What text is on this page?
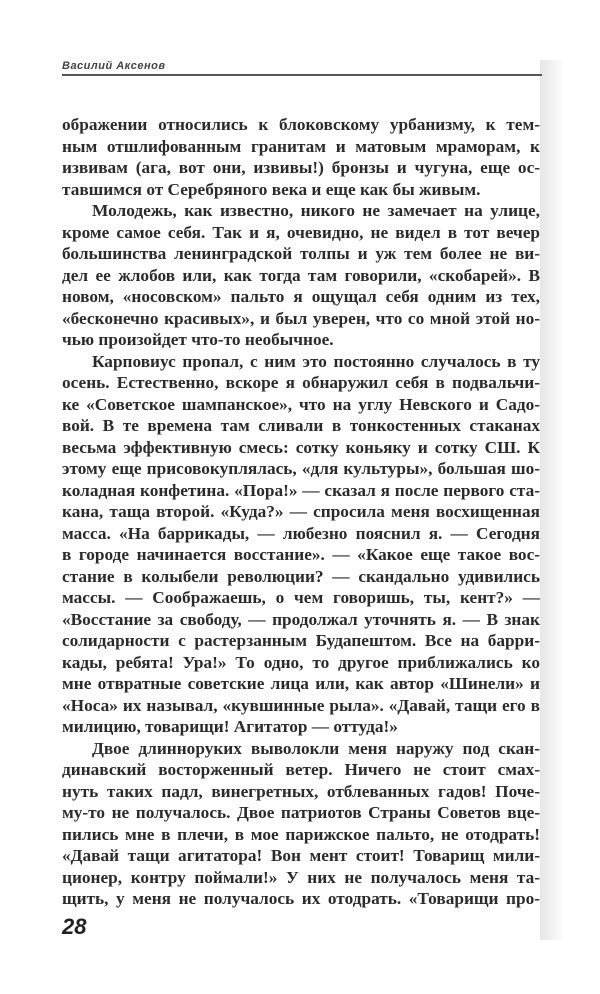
Василий Аксенов
ображении относились к блоковскому урбанизму, к тем-
ным отшлифованным гранитам и матовым мраморам, к
извивам (ага, вот они, извивы!) бронзы и чугуна, еще ос-
тавшимся от Серебряного века и еще как бы живым.
Молодежь, как известно, никого не замечает на улице,
кроме самое себя. Так и я, очевидно, не видел в тот вечер
большинства ленинградской толпы и уж тем более не ви-
дел ее жлобов или, как тогда там говорили, «скобарей». В
новом, «носовском» пальто я ощущал себя одним из тех,
«бесконечно красивых», и был уверен, что со мной этой но-
чью произойдет что-то необычное.
Карповиус пропал, с ним это постоянно случалось в ту
осень. Естественно, вскоре я обнаружил себя в подвальчи-
ке «Советское шампанское», что на углу Невского и Садо-
вой. В те времена там сливали в тонкостенных стаканах
весьма эффективную смесь: сотку коньяку и сотку СШ. К
этому еще присовокуплялась, «для культуры», большая шо-
коладная конфетина. «Пора!» — сказал я после первого ста-
кана, таща второй. «Куда?» — спросила меня восхищенная
масса. «На баррикады, — любезно пояснил я. — Сегодня
в городе начинается восстание». — «Какое еще такое вос-
стание в колыбели революции? — скандально удивились
массы. — Соображаешь, о чем говоришь, ты, кент?» —
«Восстание за свободу, — продолжал уточнять я. — В знак
солидарности с растерзанным Будапештом. Все на барри-
кады, ребята! Ура!» То одно, то другое приближались ко
мне отвратные советские лица или, как автор «Шинели» и
«Носа» их называл, «кувшинные рыла». «Давай, тащи его в
милицию, товарищи! Агитатор — оттуда!»
Двое длинноруких выволокли меня наружу под скан-
динавский восторженный ветер. Ничего не стоит смах-
нуть таких падл, винегретных, отблеванных гадов! Поче-
му-то не получалось. Двое патриотов Страны Советов вце-
пились мне в плечи, в мое парижское пальто, не отодрать!
«Давай тащи агитатора! Вон мент стоит! Товарищ мили-
ционер, контру поймали!» У них не получалось меня та-
щить, у меня не получалось их отодрать. «Товарищи про-
28
